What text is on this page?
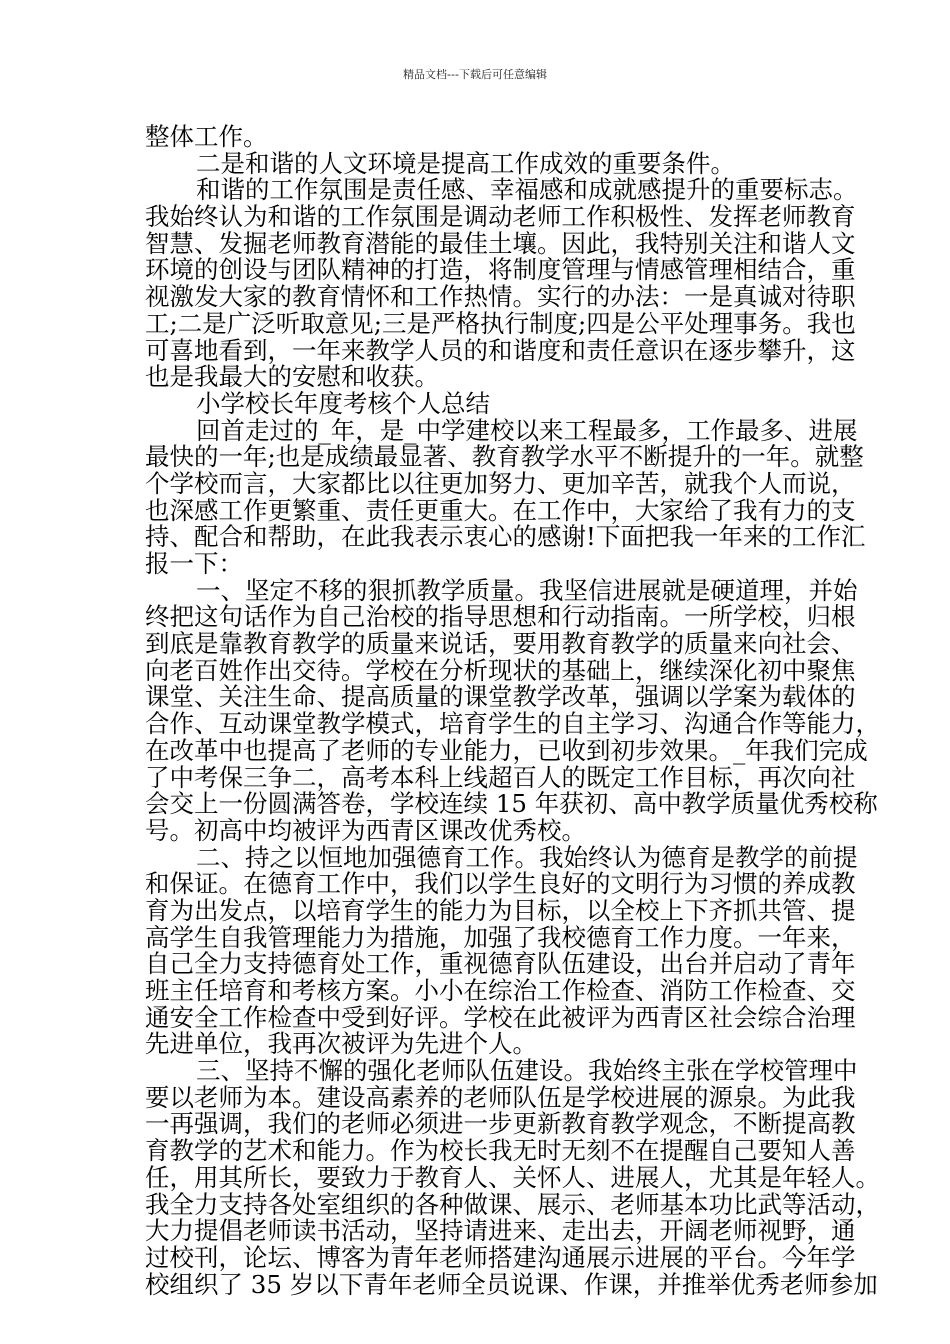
精品文档---下载后可任意编辑
整体工作。
二是和谐的人文环境是提高工作成效的重要条件。
和谐的工作氛围是责任感、幸福感和成就感提升的重要标志。
我始终认为和谐的工作氛围是调动老师工作积极性、发挥老师教育
智慧、发掘老师教育潜能的最佳土壤。因此，我特别关注和谐人文
环境的创设与团队精神的打造，将制度管理与情感管理相结合，重
视激发大家的教育情怀和工作热情。实行的办法：一是真诚对待职
工;二是广泛听取意见;三是严格执行制度;四是公平处理事务。我也
可喜地看到，一年来教学人员的和谐度和责任意识在逐步攀升，这
也是我最大的安慰和收获。
小学校长年度考核个人总结
回首走过的_年，是_中学建校以来工程最多，工作最多、进展
最快的一年;也是成绩最显著、教育教学水平不断提升的一年。就整
个学校而言，大家都比以往更加努力、更加辛苦，就我个人而说，
也深感工作更繁重、责任更重大。在工作中，大家给了我有力的支
持、配合和帮助，在此我表示衷心的感谢!下面把我一年来的工作汇
报一下：
一、坚定不移的狠抓教学质量。我坚信进展就是硬道理，并始
终把这句话作为自己治校的指导思想和行动指南。一所学校，归根
到底是靠教育教学的质量来说话，要用教育教学的质量来向社会、
向老百姓作出交待。学校在分析现状的基础上，继续深化初中聚焦
课堂、关注生命、提高质量的课堂教学改革，强调以学案为载体的
合作、互动课堂教学模式，培育学生的自主学习、沟通合作等能力，
在改革中也提高了老师的专业能力，已收到初步效果。_年我们完成
了中考保三争二，高考本科上线超百人的既定工作目标，再次向社
会交上一份圆满答卷，学校连续 15 年获初、高中教学质量优秀校称
号。初高中均被评为西青区课改优秀校。
二、持之以恒地加强德育工作。我始终认为德育是教学的前提
和保证。在德育工作中，我们以学生良好的文明行为习惯的养成教
育为出发点，以培育学生的能力为目标，以全校上下齐抓共管、提
高学生自我管理能力为措施，加强了我校德育工作力度。一年来，
自己全力支持德育处工作，重视德育队伍建设，出台并启动了青年
班主任培育和考核方案。小小在综治工作检查、消防工作检查、交
通安全工作检查中受到好评。学校在此被评为西青区社会综合治理
先进单位，我再次被评为先进个人。
三、坚持不懈的强化老师队伍建设。我始终主张在学校管理中
要以老师为本。建设高素养的老师队伍是学校进展的源泉。为此我
一再强调，我们的老师必须进一步更新教育教学观念，不断提高教
育教学的艺术和能力。作为校长我无时无刻不在提醒自己要知人善
任，用其所长，要致力于教育人、关怀人、进展人，尤其是年轻人。
我全力支持各处室组织的各种做课、展示、老师基本功比武等活动，
大力提倡老师读书活动，坚持请进来、走出去，开阔老师视野，通
过校刊，论坛、博客为青年老师搭建沟通展示进展的平台。今年学
校组织了 35 岁以下青年老师全员说课、作课，并推举优秀老师参加
